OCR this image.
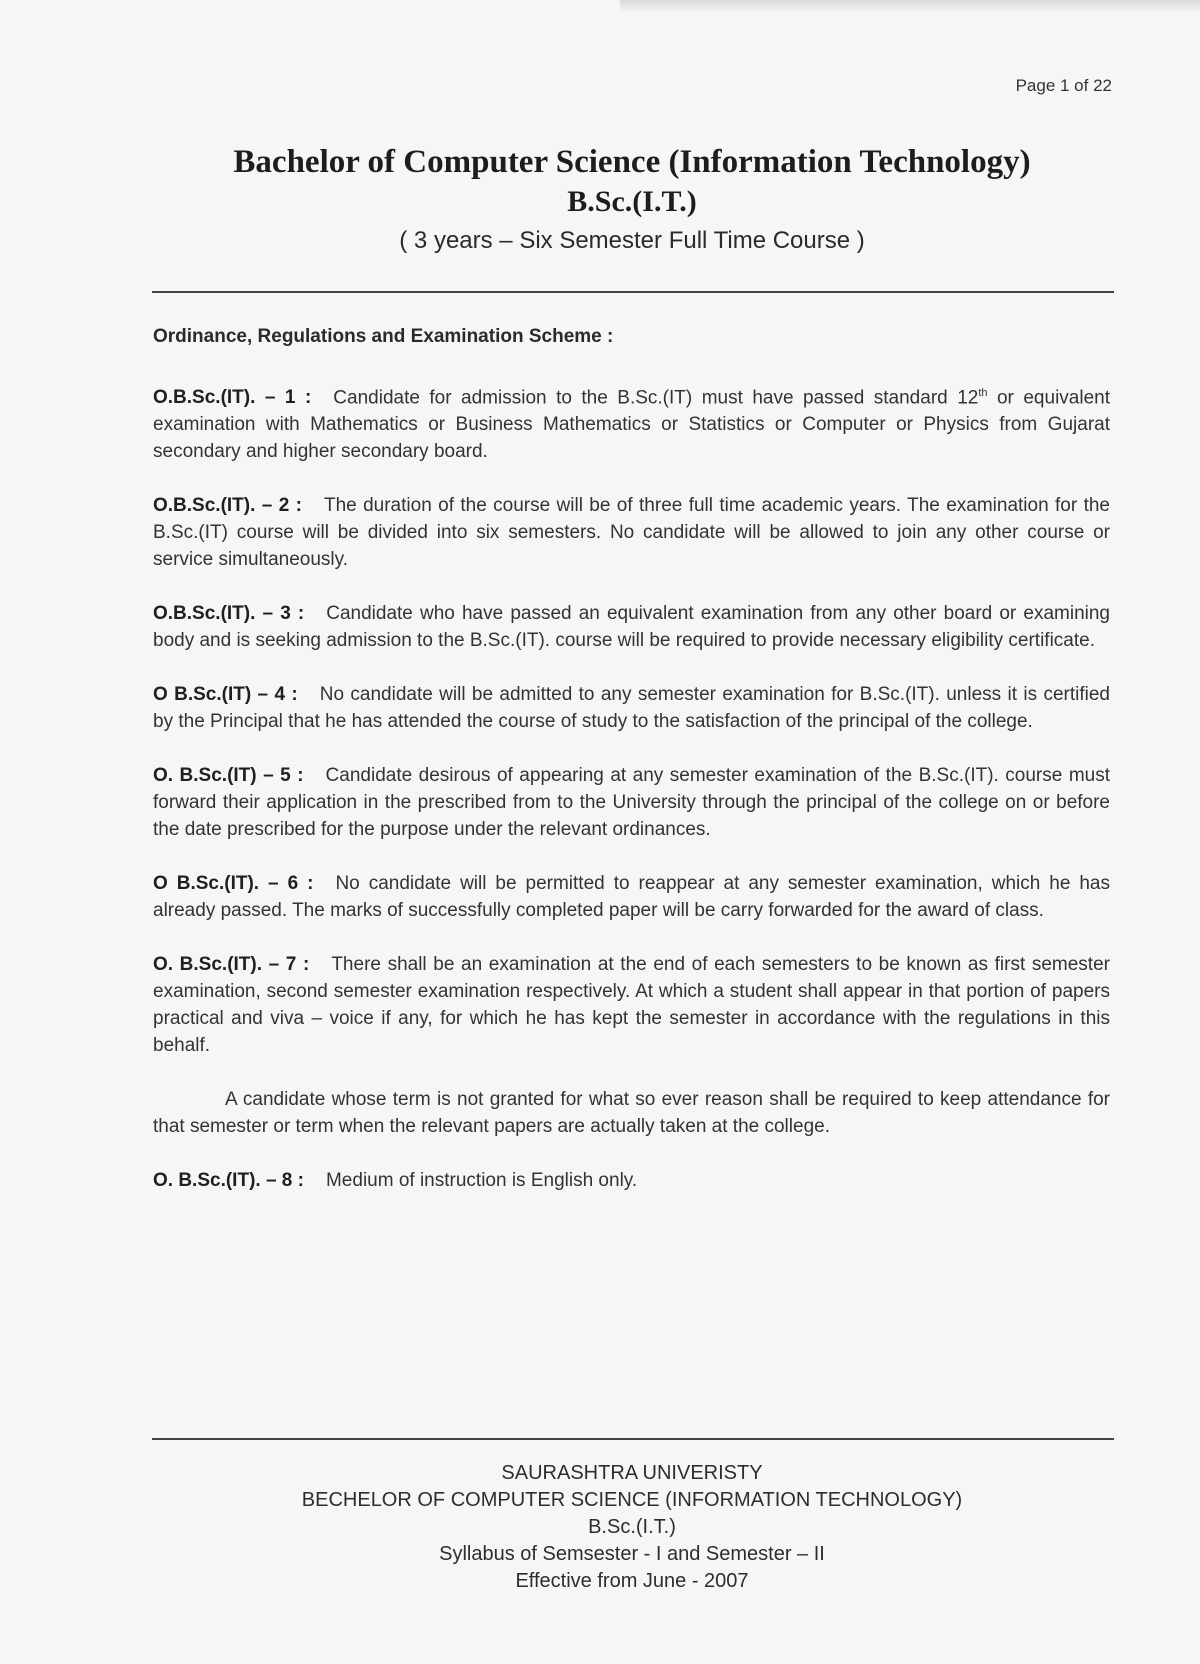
Page 1 of 22

Bachelor of Computer Science (Information Technology)

B.Sc.(I.T.)

( 3 years – Six Semester Full Time Course )
Ordinance, Regulations and Examination Scheme :

O.B.Sc.(IT). – 1 : Candidate for admission to the B.Sc.(IT) must have passed standard 12th or equivalent examination with Mathematics or Business Mathematics or Statistics or Computer or Physics from Gujarat secondary and higher secondary board.

O.B.Sc.(IT). – 2 : The duration of the course will be of three full time academic years. The examination for the B.Sc.(IT) course will be divided into six semesters. No candidate will be allowed to join any other course or service simultaneously.

O.B.Sc.(IT). – 3 : Candidate who have passed an equivalent examination from any other board or examining body and is seeking admission to the B.Sc.(IT). course will be required to provide necessary eligibility certificate.

O B.Sc.(IT) – 4 : No candidate will be admitted to any semester examination for B.Sc.(IT). unless it is certified by the Principal that he has attended the course of study to the satisfaction of the principal of the college.

O. B.Sc.(IT) – 5 : Candidate desirous of appearing at any semester examination of the B.Sc.(IT). course must forward their application in the prescribed from to the University through the principal of the college on or before the date prescribed for the purpose under the relevant ordinances.

O B.Sc.(IT). – 6 : No candidate will be permitted to reappear at any semester examination, which he has already passed. The marks of successfully completed paper will be carry forwarded for the award of class.

O. B.Sc.(IT). – 7 : There shall be an examination at the end of each semesters to be known as first semester examination, second semester examination respectively. At which a student shall appear in that portion of papers practical and viva – voice if any, for which he has kept the semester in accordance with the regulations in this behalf.

A candidate whose term is not granted for what so ever reason shall be required to keep attendance for that semester or term when the relevant papers are actually taken at the college.

O. B.Sc.(IT). – 8 : Medium of instruction is English only.

SAURASHTRA UNIVERISTY
BECHELOR OF COMPUTER SCIENCE (INFORMATION TECHNOLOGY)
B.Sc.(I.T.)
Syllabus of Semsester - I and Semester – II
Effective from June - 2007
